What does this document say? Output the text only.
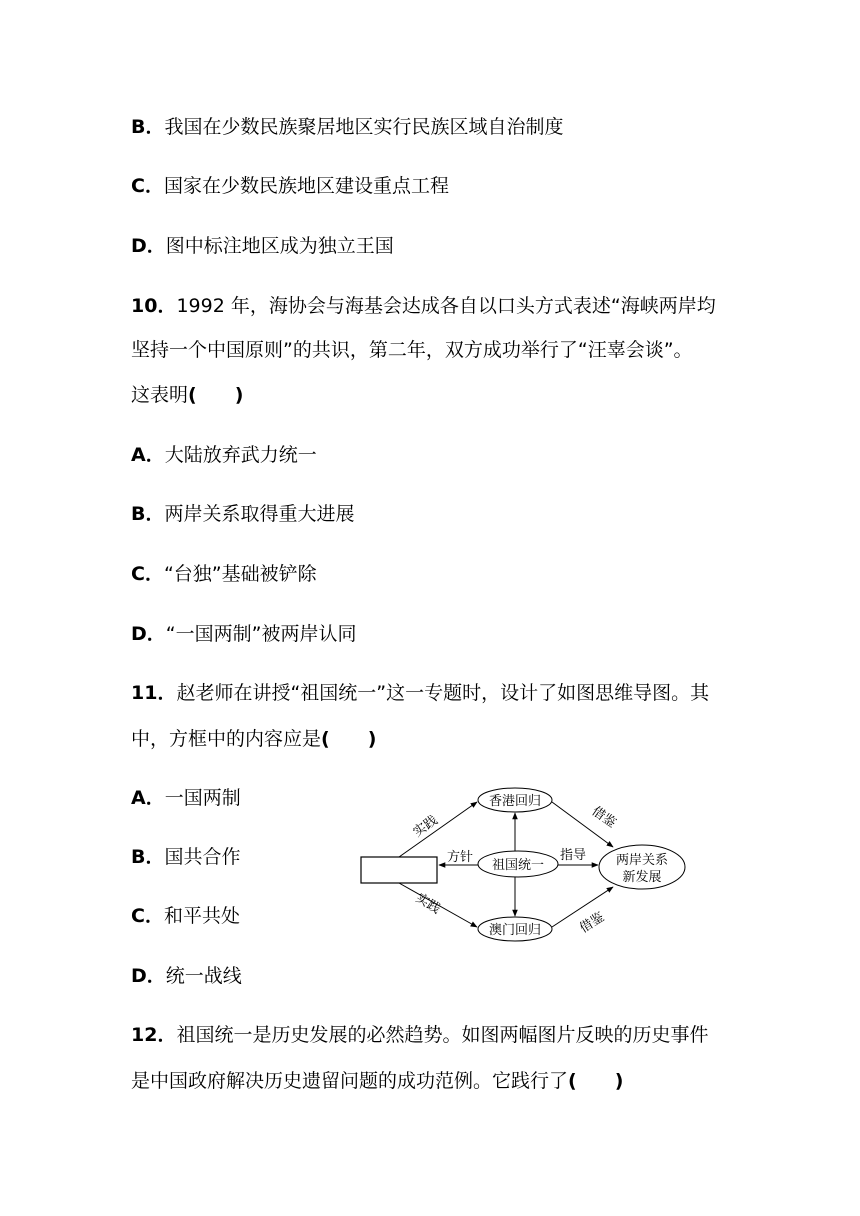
B．我国在少数民族聚居地区实行民族区域自治制度
C．国家在少数民族地区建设重点工程
D．图中标注地区成为独立王国
10．1992 年，海协会与海基会达成各自以口头方式表述“海峡两岸均
坚持一个中国原则”的共识，第二年，双方成功举行了“汪辜会谈”。
这表明(　　)
A．大陆放弃武力统一
B．两岸关系取得重大进展
C．“台独”基础被铲除
D．“一国两制”被两岸认同
11．赵老师在讲授“祖国统一”这一专题时，设计了如图思维导图。其
中，方框中的内容应是(　　)
A．一国两制
B．国共合作
C．和平共处
D．统一战线
香港回归
祖国统一
澳门回归
两岸关系
新发展
实践
实践
方针	指导
借鉴
借鉴
12．祖国统一是历史发展的必然趋势。如图两幅图片反映的历史事件
是中国政府解决历史遗留问题的成功范例。它践行了(　　)
